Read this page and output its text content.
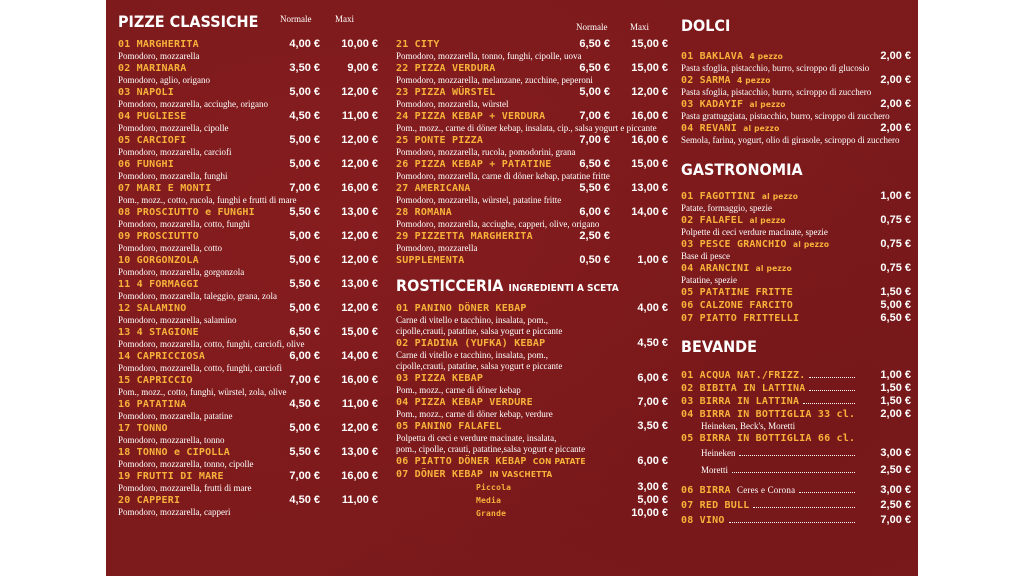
PIZZE CLASSICHE	Normale	Maxi
01 MARGHERITA	4,00 €	10,00 €
Pomodoro, mozzarella
02 MARINARA	3,50 €	9,00 €
Pomodoro, aglio, origano
03 NAPOLI	5,00 €	12,00 €
Pomodoro, mozzarella, acciughe, origano
04 PUGLIESE	4,50 €	11,00 €
Pomodoro, mozzarella, cipolle
05 CARCIOFI	5,00 €	12,00 €
Pomodoro, mozzarella, carciofi
06 FUNGHI	5,00 €	12,00 €
Pomodoro, mozzarella, funghi
07 MARI E MONTI	7,00 €	16,00 €
Pom., mozz., cotto, rucola, funghi e frutti di mare
08 PROSCIUTTO e FUNGHI	5,50 €	13,00 €
Pomodoro, mozzarella, cotto, funghi
09 PROSCIUTTO	5,00 €	12,00 €
Pomodoro, mozzarella, cotto
10 GORGONZOLA	5,00 €	12,00 €
Pomodoro, mozzarella, gorgonzola
11 4 FORMAGGI	5,50 €	13,00 €
Pomodoro, mozzarella, taleggio, grana, zola
12 SALAMINO	5,00 €	12,00 €
Pomodoro, mozzarella, salamino
13 4 STAGIONE	6,50 €	15,00 €
Pomodoro, mozzarella, cotto, funghi, carciofi, olive
14 CAPRICCIOSA	6,00 €	14,00 €
Pomodoro, mozzarella, cotto, funghi, carciofi
15 CAPRICCIO	7,00 €	16,00 €
Pom., mozz., cotto, funghi, würstel, zola, olive
16 PATATINA	4,50 €	11,00 €
Pomodoro, mozzarella, patatine
17 TONNO	5,00 €	12,00 €
Pomodoro, mozzarella, tonno
18 TONNO e CIPOLLA	5,50 €	13,00 €
Pomodoro, mozzarella, tonno, cipolle
19 FRUTTI DI MARE	7,00 €	16,00 €
Pomodoro, mozzarella, frutti di mare
20 CAPPERI	4,50 €	11,00 €
Pomodoro, mozzarella, capperi
Normale	Maxi
21 CITY	6,50 €	15,00 €
Pomodoro, mozzarella, tonno, funghi, cipolle, uova
22 PIZZA VERDURA	6,50 €	15,00 €
Pomodoro, mozzarella, melanzane, zucchine, peperoni
23 PIZZA WÜRSTEL	5,00 €	12,00 €
Pomodoro, mozzarella, würstel
24 PIZZA KEBAP + VERDURA	7,00 €	16,00 €
Pom., mozz., carne di döner kebap, insalata, cip., salsa yogurt e piccante
25 PONTE PIZZA	7,00 €	16,00 €
Pomodoro, mozzarella, rucola, pomodorini, grana
26 PIZZA KEBAP + PATATINE	6,50 €	15,00 €
Pomodoro, mozzarella, carne di döner kebap, patatine fritte
27 AMERICANA	5,50 €	13,00 €
Pomodoro, mozzarella, würstel, patatine fritte
28 ROMANA	6,00 €	14,00 €
Pomodoro, mozzarella, acciughe, capperi, olive, origano
29 PIZZETTA MARGHERITA	2,50 €
Pomodoro, mozzarella
SUPPLEMENTA	0,50 €	1,00 €
ROSTICCERIA INGREDIENTI A SCETA
01 PANINO DÖNER KEBAP	4,00 €
Carne di vitello e tacchino, insalata, pom.,
cipolle,crauti, patatine, salsa yogurt e piccante
02 PIADINA (YUFKA) KEBAP	4,50 €
Carne di vitello e tacchino, insalata, pom.,
cipolle,crauti, patatine, salsa yogurt e piccante
03 PIZZA KEBAP	6,00 €
Pom., mozz., carne di döner kebap
04 PIZZA KEBAP VERDURE	7,00 €
Pom., mozz., carne di döner kebap, verdure
05 PANINO FALAFEL	3,50 €
Polpetta di ceci e verdure macinate, insalata,
pom., cipolle, crauti, patatine,salsa yogurt e piccante
06 PIATTO DÖNER KEBAP CON PATATE	6,00 €
07 DÖNER KEBAP IN VASCHETTA
Piccola	3,00 €
Media	5,00 €
Grande	10,00 €
DOLCI
01 BAKLAVA 4 pezzo	2,00 €
Pasta sfoglia, pistacchio, burro, sciroppo di glucosio
02 SARMA 4 pezzo	2,00 €
Pasta sfoglia, pistacchio, burro, sciroppo di zucchero
03 KADAYIF al pezzo	2,00 €
Pasta grattuggiata, pistacchio, burro, sciroppo di zucchero
04 REVANI al pezzo	2,00 €
Semola, farina, yogurt, olio di girasole, sciroppo di zucchero
GASTRONOMIA
01 FAGOTTINI al pezzo	1,00 €
Patate, formaggio, spezie
02 FALAFEL al pezzo	0,75 €
Polpette di ceci verdure macinate, spezie
03 PESCE GRANCHIO al pezzo	0,75 €
Base di pesce
04 ARANCINI al pezzo	0,75 €
Patatine, spezie
05 PATATINE FRITTE	1,50 €
06 CALZONE FARCITO	5,00 €
07 PIATTO FRITTELLI	6,50 €
BEVANDE
01 ACQUA NAT./FRIZZ.	1,00 €
02 BIBITA IN LATTINA	1,50 €
03 BIRRA IN LATTINA	1,50 €
04 BIRRA IN BOTTIGLIA 33 cl.	2,00 €
Heineken, Beck's, Moretti
05 BIRRA IN BOTTIGLIA 66 cl.
Heineken	3,00 €
Moretti	2,50 €
06 BIRRA Ceres e Corona	3,00 €
07 RED BULL	2,50 €
08 VINO	7,00 €
